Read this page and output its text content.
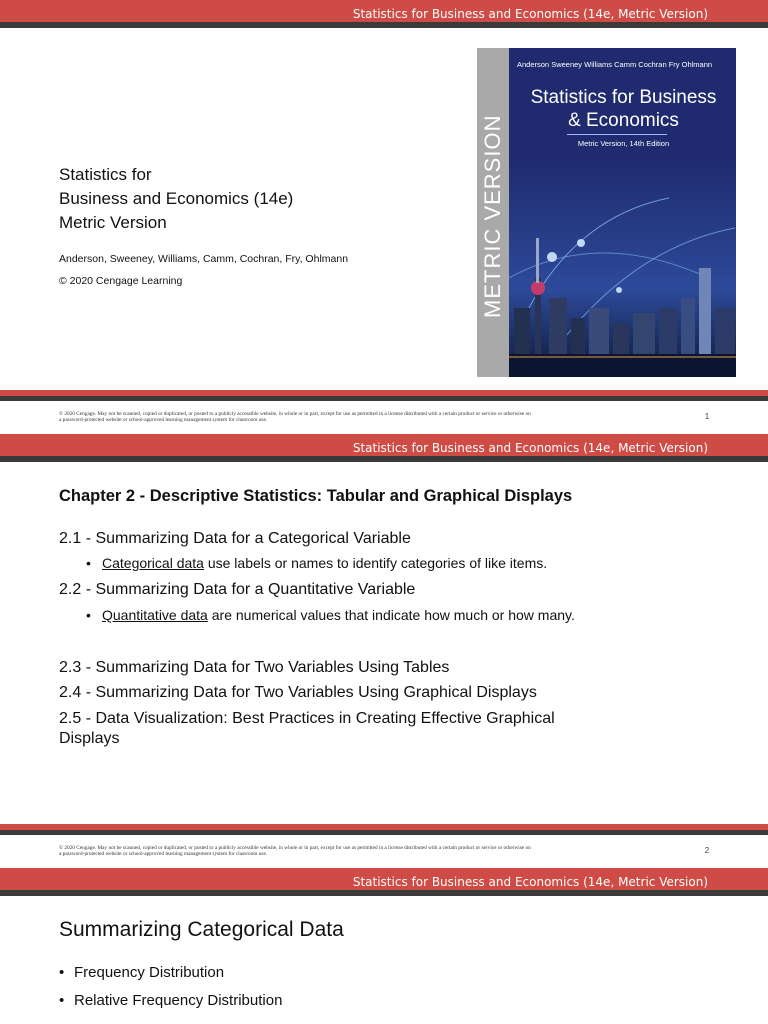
Statistics for Business and Economics (14e, Metric Version)
Statistics for
Business and Economics (14e)
Metric Version
Anderson, Sweeney, Williams, Camm, Cochran, Fry, Ohlmann
© 2020 Cengage Learning	METRIC VERSION
Anderson Sweeney Williams Camm Cochran Fry Ohlmann
Statistics for Business
& Economics
Metric Version, 14th Edition
© 2020 Cengage. May not be scanned, copied or duplicated, or posted to a publicly accessible website, in whole or in part, except for use as permitted in a license distributed with a certain product or service or otherwise on
a password-protected website or school-approved learning management system for classroom use.	1
Statistics for Business and Economics (14e, Metric Version)
© 2020 Cengage. May not be scanned, copied or duplicated, or posted to a publicly accessible website, in whole or in part, except for use as permitted in a license distributed with a certain product or service or otherwise on
a password-protected website or school-approved learning management system for classroom use.	2
Chapter 2 - Descriptive Statistics: Tabular and Graphical Displays
2.1 - Summarizing Data for a Categorical Variable
• Categorical data use labels or names to identify categories of like items.
2.2 - Summarizing Data for a Quantitative Variable
• Quantitative data are numerical values that indicate how much or how many.
2.3 - Summarizing Data for Two Variables Using Tables
2.4 - Summarizing Data for Two Variables Using Graphical Displays
2.5 - Data Visualization: Best Practices in Creating Effective Graphical
Displays
Statistics for Business and Economics (14e, Metric Version)
Summarizing Categorical Data
• Frequency Distribution
• Relative Frequency Distribution
